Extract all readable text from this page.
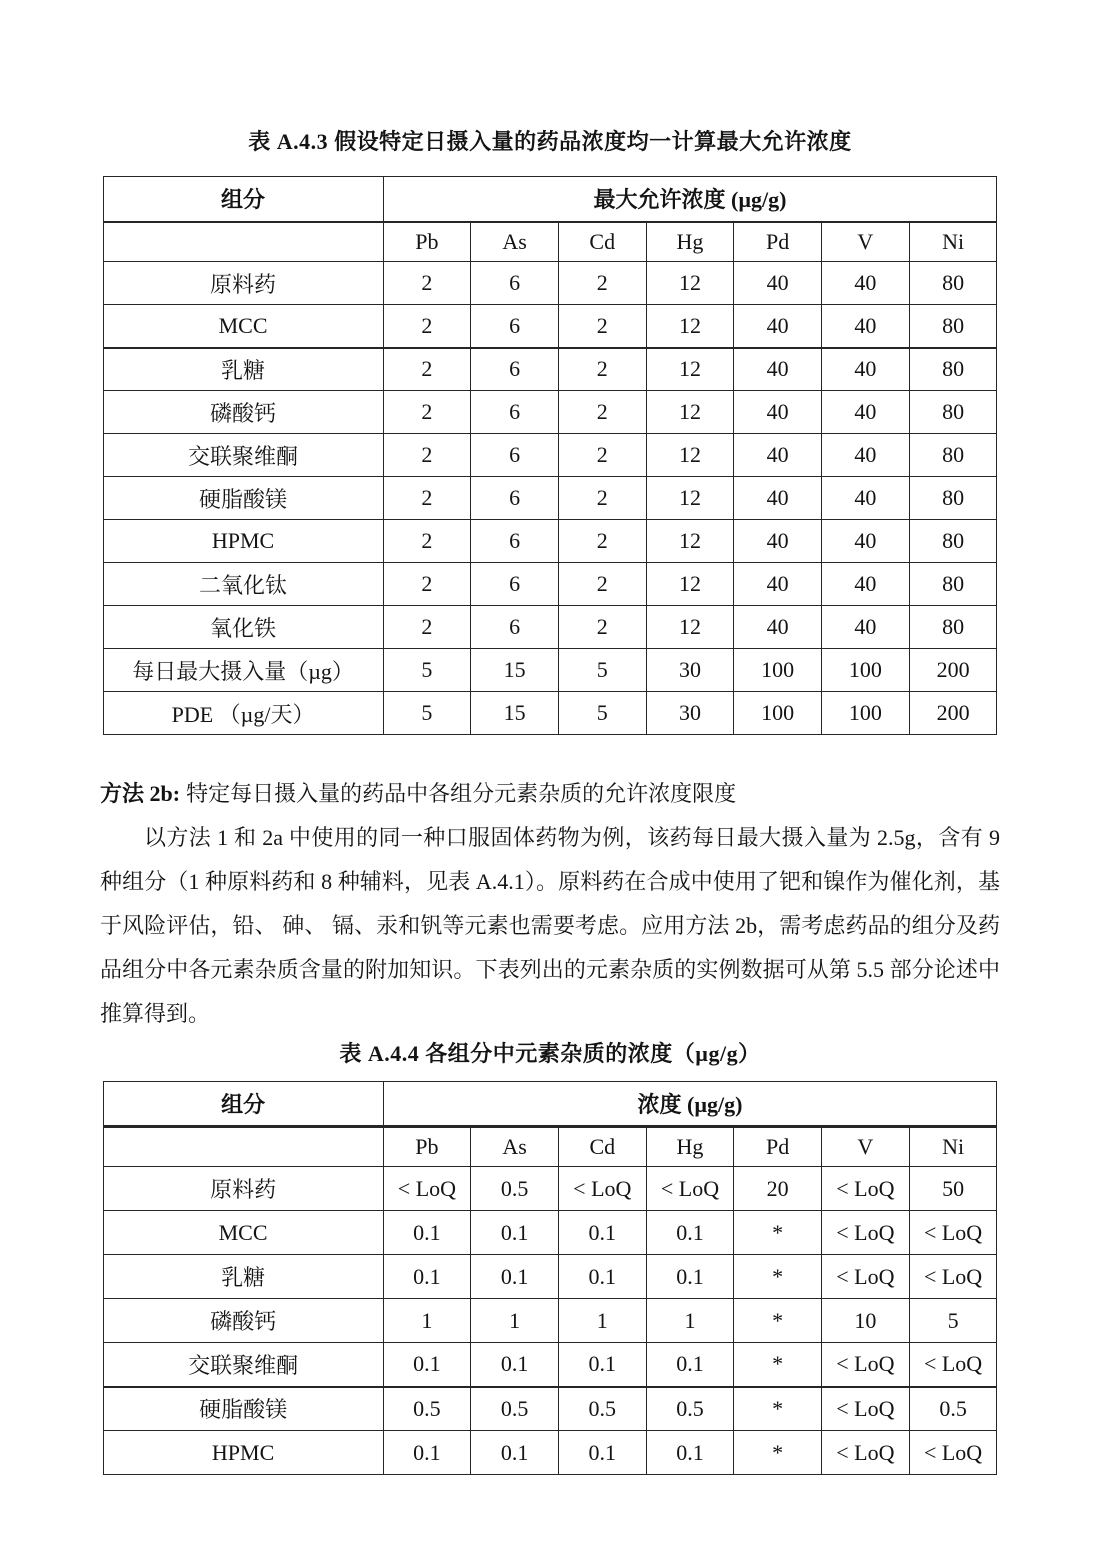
表 A.4.3 假设特定日摄入量的药品浓度均一计算最大允许浓度
组分	最大允许浓度 (µg/g)						
	Pb	As	Cd	Hg	Pd	V	Ni
原料药	2	6	2	12	40	40	80
MCC	2	6	2	12	40	40	80
乳糖	2	6	2	12	40	40	80
磷酸钙	2	6	2	12	40	40	80
交联聚维酮	2	6	2	12	40	40	80
硬脂酸镁	2	6	2	12	40	40	80
HPMC	2	6	2	12	40	40	80
二氧化钛	2	6	2	12	40	40	80
氧化铁	2	6	2	12	40	40	80
每日最大摄入量（µg）	5	15	5	30	100	100	200
PDE （µg/天）	5	15	5	30	100	100	200

方法 2b: 特定每日摄入量的药品中各组分元素杂质的允许浓度限度

以方法 1 和 2a 中使用的同一种口服固体药物为例，该药每日最大摄入量为 2.5g，含有 9 种组分（1 种原料药和 8 种辅料，见表 A.4.1）。原料药在合成中使用了钯和镍作为催化剂，基于风险评估，铅、 砷、 镉、汞和钒等元素也需要考虑。应用方法 2b，需考虑药品的组分及药品组分中各元素杂质含量的附加知识。下表列出的元素杂质的实例数据可从第 5.5 部分论述中推算得到。

表 A.4.4 各组分中元素杂质的浓度（µg/g）
组分	浓度 (µg/g)						
	Pb	As	Cd	Hg	Pd	V	Ni
原料药	< LoQ	0.5	< LoQ	< LoQ	20	< LoQ	50
MCC	0.1	0.1	0.1	0.1	*	< LoQ	< LoQ
乳糖	0.1	0.1	0.1	0.1	*	< LoQ	< LoQ
磷酸钙	1	1	1	1	*	10	5
交联聚维酮	0.1	0.1	0.1	0.1	*	< LoQ	< LoQ
硬脂酸镁	0.5	0.5	0.5	0.5	*	< LoQ	0.5
HPMC	0.1	0.1	0.1	0.1	*	< LoQ	< LoQ
